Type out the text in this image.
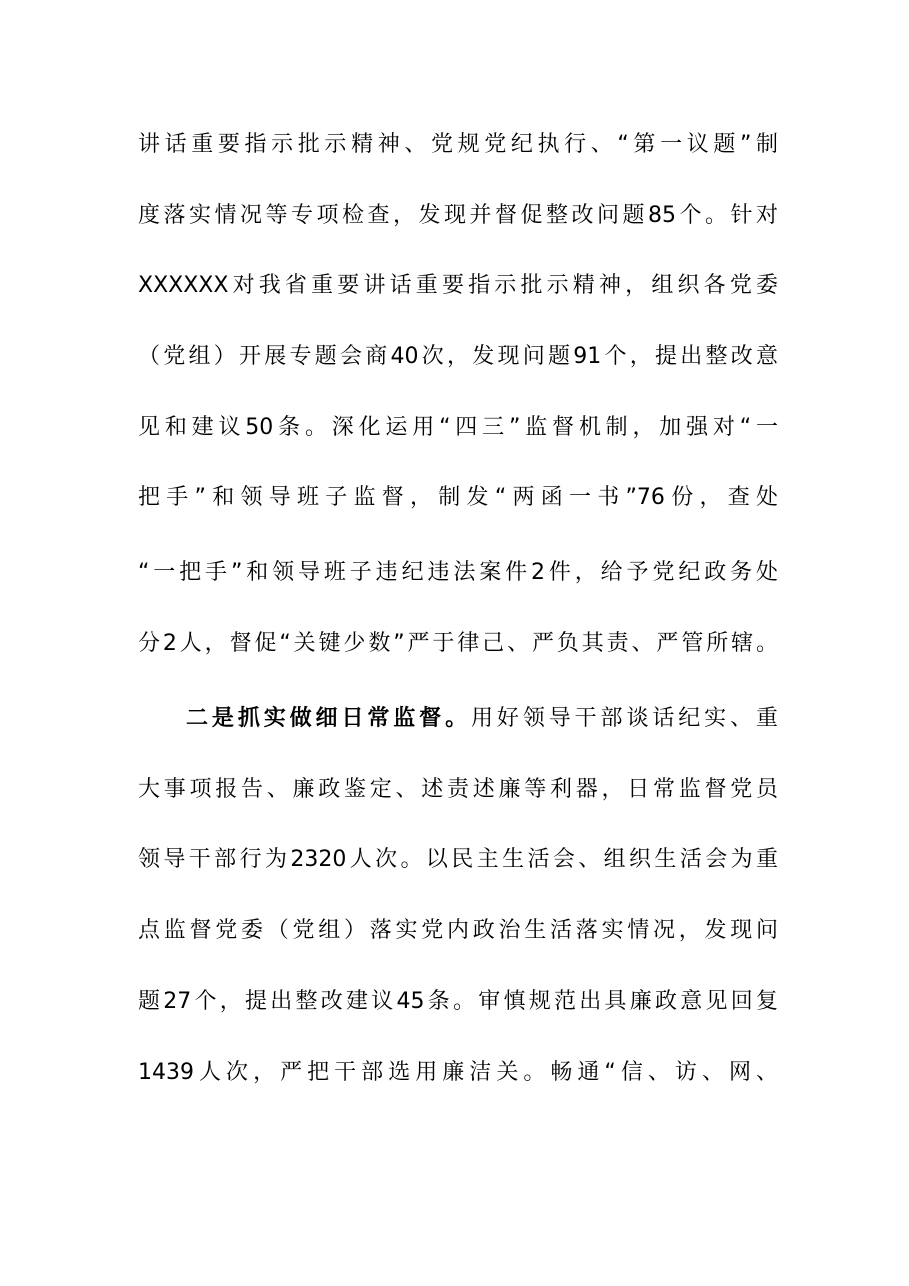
讲话重要指示批示精神、党规党纪执行、“第一议题”制
度落实情况等专项检查，发现并督促整改问题85个。针对
XXXXXX对我省重要讲话重要指示批示精神，组织各党委
（党组）开展专题会商40次，发现问题91个，提出整改意
见和建议50条。深化运用“四三”监督机制，加强对“一
把手”和领导班子监督，制发“两函一书”76份，查处
“一把手”和领导班子违纪违法案件2件，给予党纪政务处
分2人，督促“关键少数”严于律己、严负其责、严管所辖。
二是抓实做细日常监督。用好领导干部谈话纪实、重
大事项报告、廉政鉴定、述责述廉等利器，日常监督党员
领导干部行为2320人次。以民主生活会、组织生活会为重
点监督党委（党组）落实党内政治生活落实情况，发现问
题27个，提出整改建议45条。审慎规范出具廉政意见回复
1439人次，严把干部选用廉洁关。畅通“信、访、网、
